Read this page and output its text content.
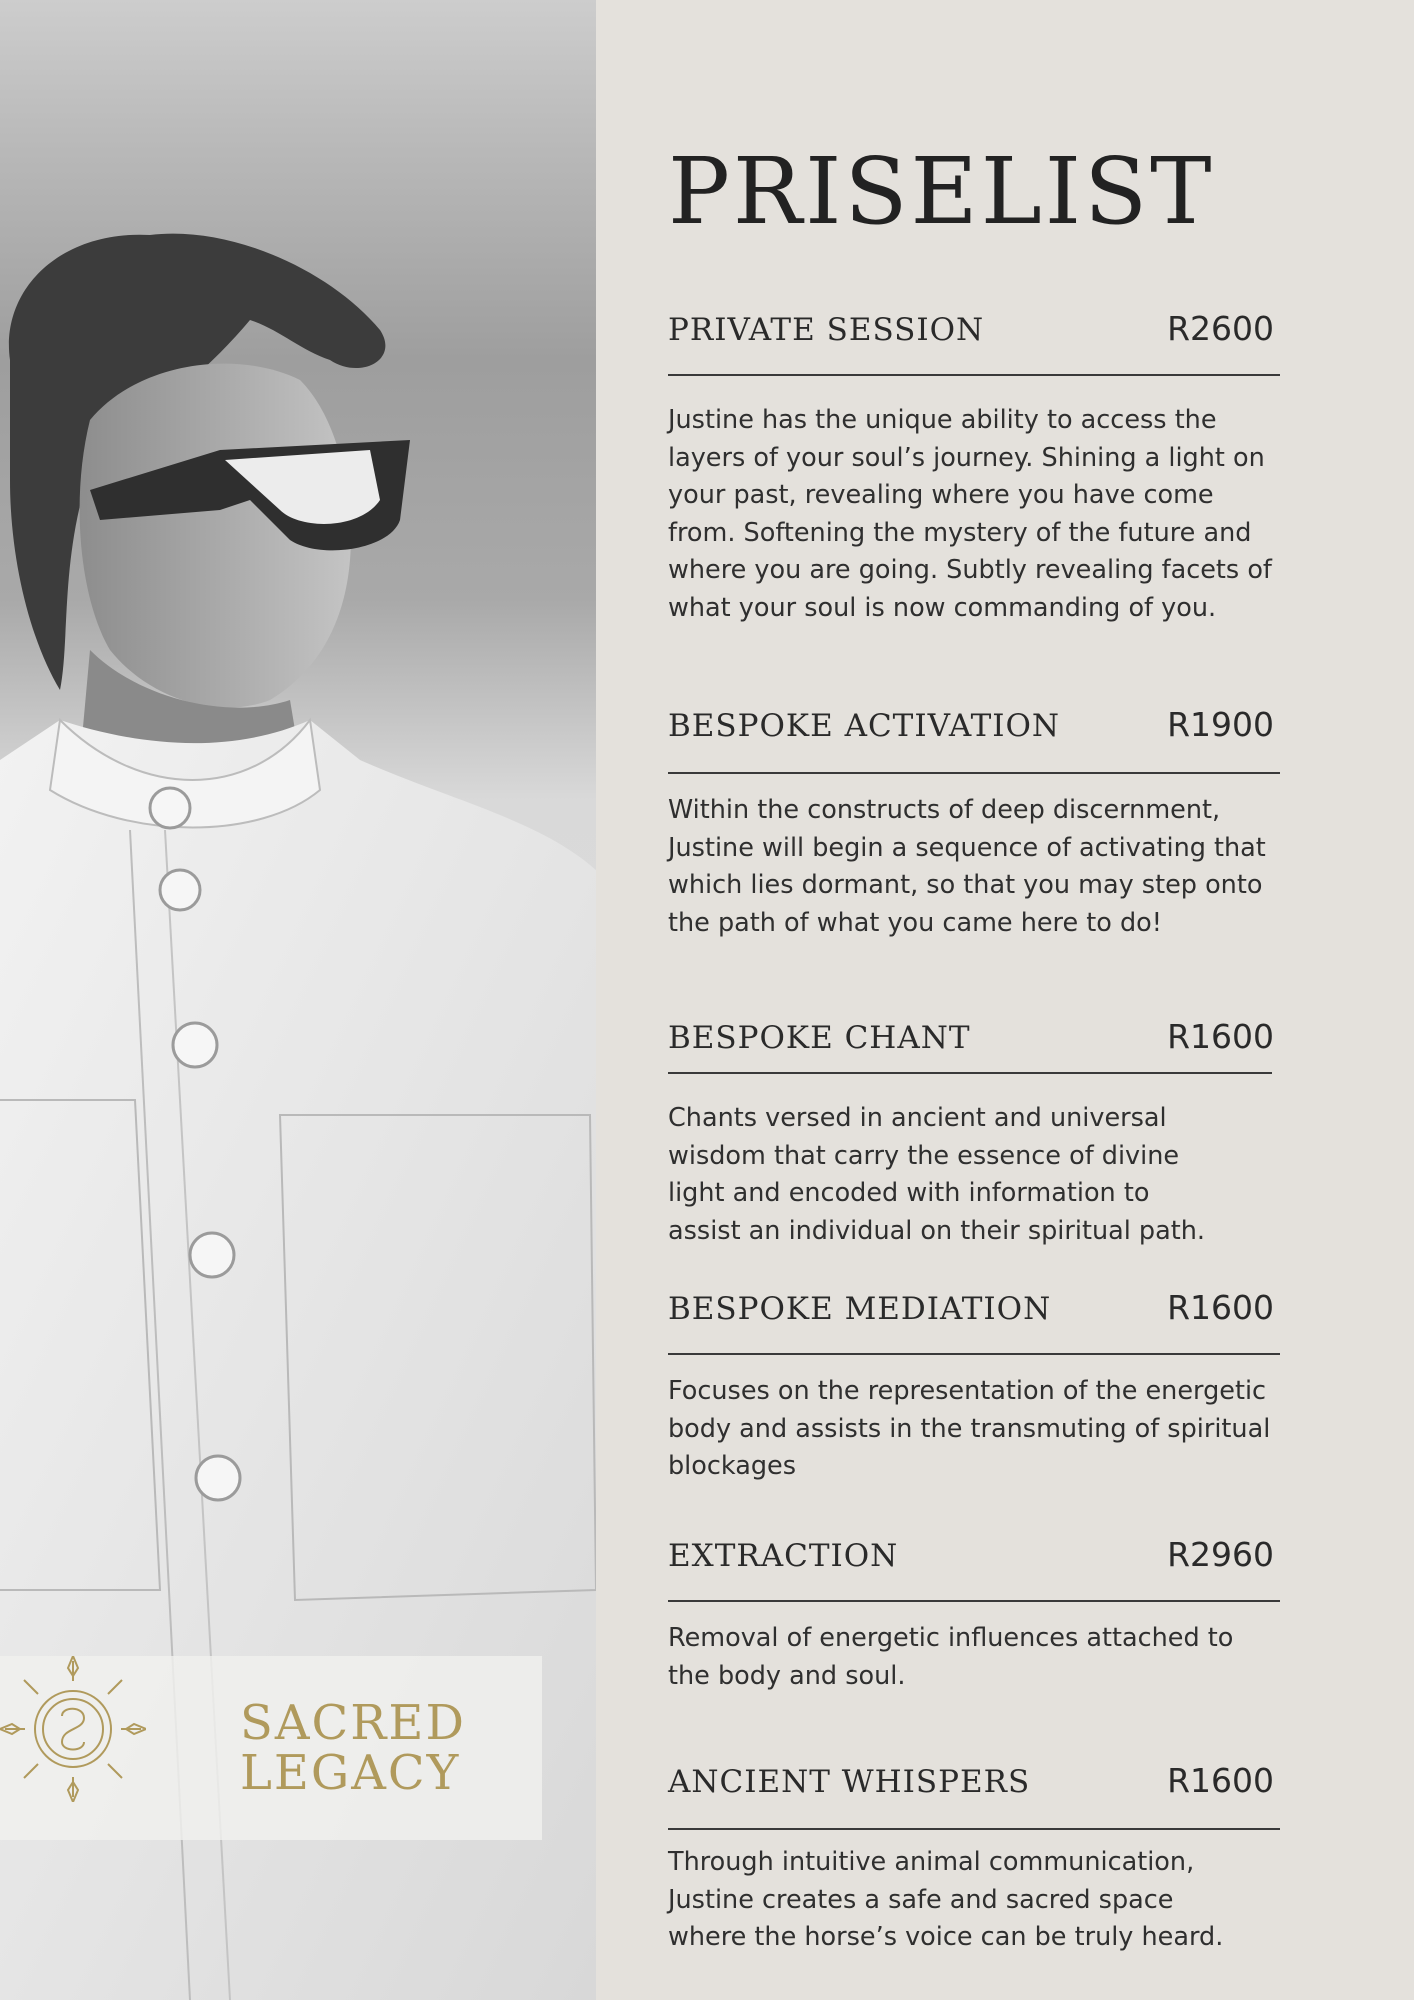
SACRED
LEGACY
PRISELIST
PRIVATE SESSION	R2600
Justine has the unique ability to access the layers of your soul’s journey. Shining a light on your past, revealing where you have come from. Softening the mystery of the future and where you are going. Subtly revealing facets of what your soul is now commanding of you.
BESPOKE ACTIVATION	R1900
Within the constructs of deep discernment, Justine will begin a sequence of activating that which lies dormant, so that you may step onto the path of what you came here to do!
BESPOKE CHANT	R1600
Chants versed in ancient and universal wisdom that carry the essence of divine light and encoded with information to assist an individual on their spiritual path.
BESPOKE MEDIATION	R1600
Focuses on the representation of the energetic body and assists in the transmuting of spiritual blockages
EXTRACTION	R2960
Removal of energetic influences attached to the body and soul.
ANCIENT WHISPERS	R1600
Through intuitive animal communication, Justine creates a safe and sacred space where the horse’s voice can be truly heard.
